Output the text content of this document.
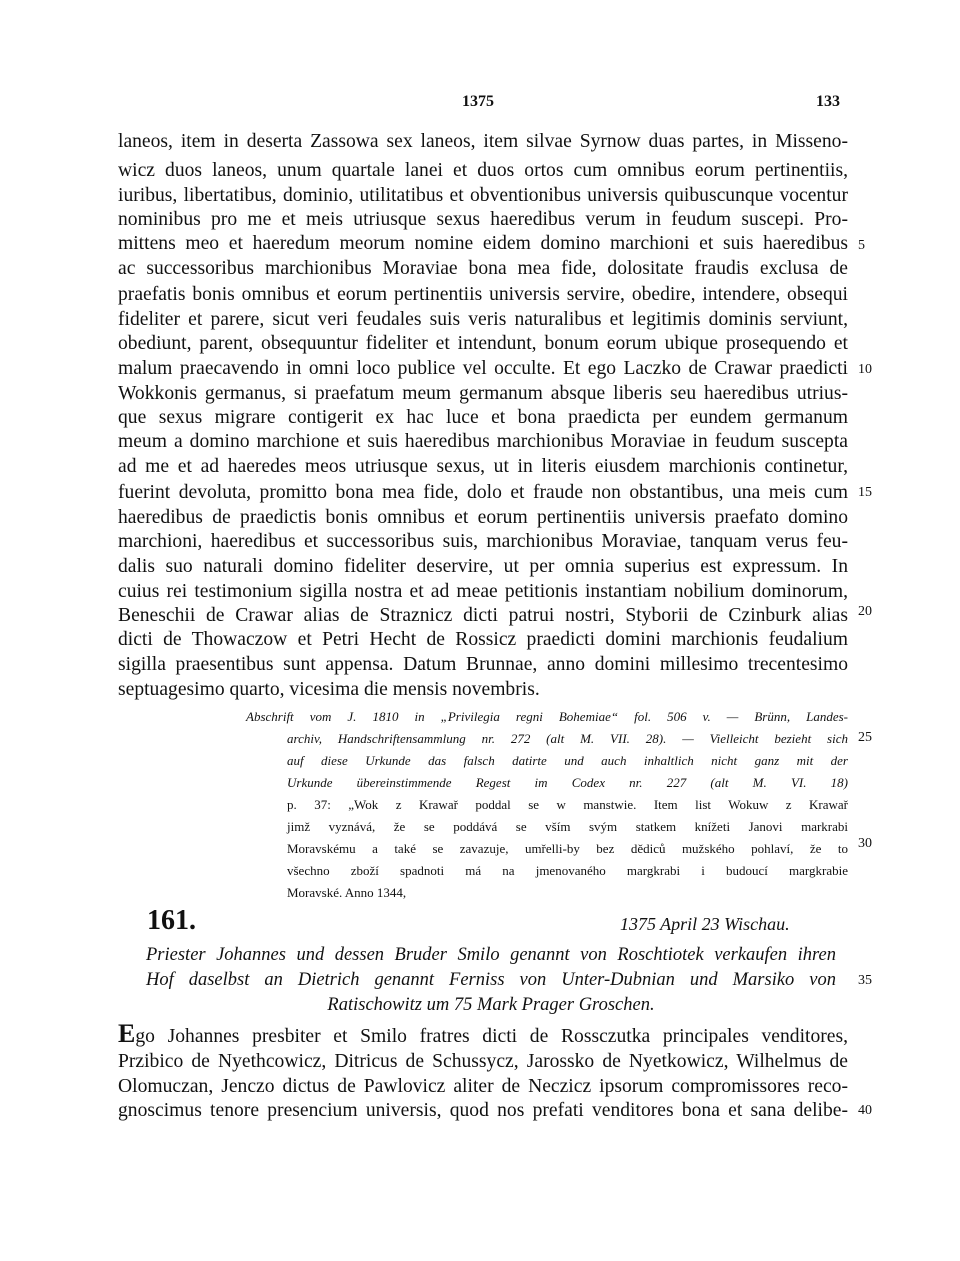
1375	133
laneos, item in deserta Zassowa sex laneos, item silvae Syrnow duas partes, in Misseno-
wicz duos laneos, unum quartale lanei et duos ortos cum omnibus eorum pertinentiis,
iuribus, libertatibus, dominio, utilitatibus et obventionibus universis quibuscunque vocentur
nominibus pro me et meis utriusque sexus haeredibus verum in feudum suscepi. Pro-
mittens meo et haeredum meorum nomine eidem domino marchioni et suis haeredibus
ac successoribus marchionibus Moraviae bona mea fide, dolositate fraudis exclusa de
praefatis bonis omnibus et eorum pertinentiis universis servire, obedire, intendere, obsequi
fideliter et parere, sicut veri feudales suis veris naturalibus et legitimis dominis serviunt,
obediunt, parent, obsequuntur fideliter et intendunt, bonum eorum ubique prosequendo et
malum praecavendo in omni loco publice vel occulte. Et ego Laczko de Crawar praedicti
Wokkonis germanus, si praefatum meum germanum absque liberis seu haeredibus utrius-
que sexus migrare contigerit ex hac luce et bona praedicta per eundem germanum
meum a domino marchione et suis haeredibus marchionibus Moraviae in feudum suscepta
ad me et ad haeredes meos utriusque sexus, ut in literis eiusdem marchionis continetur,
fuerint devoluta, promitto bona mea fide, dolo et fraude non obstantibus, una meis cum
haeredibus de praedictis bonis omnibus et eorum pertinentiis universis praefato domino
marchioni, haeredibus et successoribus suis, marchionibus Moraviae, tanquam verus feu-
dalis suo naturali domino fideliter deservire, ut per omnia superius est expressum. In
cuius rei testimonium sigilla nostra et ad meae petitionis instantiam nobilium dominorum,
Beneschii de Crawar alias de Straznicz dicti patrui nostri, Styborii de Czinburk alias
dicti de Thowaczow et Petri Hecht de Rossicz praedicti domini marchionis feudalium
sigilla praesentibus sunt appensa. Datum Brunnae, anno domini millesimo trecentesimo
septuagesimo quarto, vicesima die mensis novembris.
Abschrift vom J. 1810 in „Privilegia regni Bohemiae“ fol. 506 v. — Brünn, Landes-
archiv, Handschriftensammlung nr. 272 (alt M. VII. 28). — Vielleicht bezieht sich
auf diese Urkunde das falsch datirte und auch inhaltlich nicht ganz mit der
Urkunde übereinstimmende Regest im Codex nr. 227 (alt M. VI. 18)
p. 37: „Wok z Krawař poddal se w manstwie. Item list Wokuw z Krawař
jimž vyznává, že se poddává se vším svým statkem knížeti Janovi markrabi
Moravskému a také se zavazuje, umřelli-by bez dědiců mužského pohlaví, že to
všechno zboží spadnoti má na jmenovaného margkrabi i budoucí margkrabie
Moravské. Anno 1344,
161.	1375 April 23 Wischau.
Priester Johannes und dessen Bruder Smilo genannt von Roschtiotek verkaufen ihren
Hof daselbst an Dietrich genannt Ferniss von Unter-Dubnian und Marsiko von
Ratischowitz um 75 Mark Prager Groschen.
Ego Johannes presbiter et Smilo fratres dicti de Rossczutka principales venditores,
Przibico de Nyethcowicz, Ditricus de Schussycz, Jarossko de Nyetkowicz, Wilhelmus de
Olomuczan, Jenczo dictus de Pawlovicz aliter de Neczicz ipsorum compromissores reco-
gnoscimus tenore presencium universis, quod nos prefati venditores bona et sana delibe-
5
10
15
20
25
30
35
40
